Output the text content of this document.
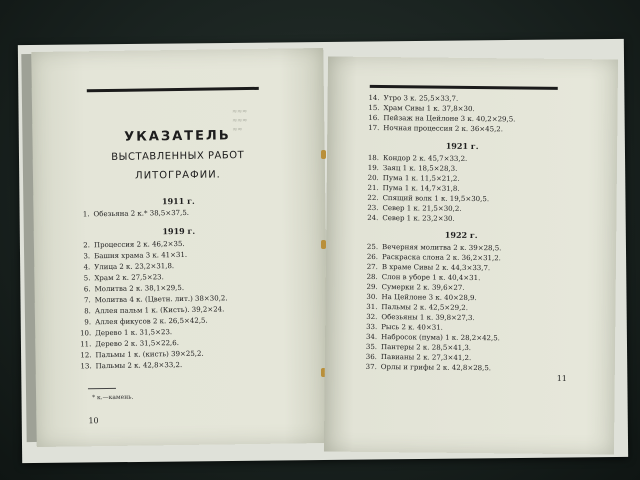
≈≈≈
≈≈≈
≈≈
УКАЗАТЕЛЬ
ВЫСТАВЛЕННЫХ РАБОТ
ЛИТОГРАФИИ.
1911 г.
1. Обезьяна 2 к.* 38,5×37,5.
1919 г.
2. Процессия 2 к. 46,2×35.
3. Башня храма 3 к. 41×31.
4. Улица 2 к. 23,2×31,8.
5. Храм 2 к. 27,5×23.
6. Молитва 2 к. 38,1×29,5.
7. Молитва 4 к. (Цветн. лит.) 38×30,2.
8. Аллея пальм 1 к. (Кисть). 39,2×24.
9. Аллея фикусов 2 к. 26,5×42,5.
10. Дерево 1 к. 31,5×23.
11. Дерево 2 к. 31,5×22,6.
12. Пальмы 1 к. (кисть) 39×25,2.
13. Пальмы 2 к. 42,8×33,2.
* к.—камень.
10
14. Утро 3 к. 25,5×33,7.
15. Храм Сивы 1 к. 37,8×30.
16. Пейзаж на Цейлоне 3 к. 40,2×29,5.
17. Ночная процессия 2 к. 36×45,2.
1921 г.
18. Кондор 2 к. 45,7×33,2.
19. Заяц 1 к. 18,5×28,3.
20. Пума 1 к. 11,5×21,2.
21. Пума 1 к. 14,7×31,8.
22. Спящий волк 1 к. 19,5×30,5.
23. Север 1 к. 21,5×30,2.
24. Север 1 к. 23,2×30.
1922 г.
25. Вечерняя молитва 2 к. 39×28,5.
26. Раскраска слона 2 к. 36,2×31,2.
27. В храме Сивы 2 к. 44,3×33,7.
28. Слон в уборе 1 к. 40,4×31.
29. Сумерки 2 к. 39,6×27.
30. На Цейлоне 3 к. 40×28,9.
31. Пальмы 2 к. 42,5×29,2.
32. Обезьяны 1 к. 39,8×27,3.
33. Рысь 2 к. 40×31.
34. Набросок (пума) 1 к. 28,2×42,5.
35. Пантеры 2 к. 28,5×41,3.
36. Павианы 2 к. 27,3×41,2.
37. Орлы и грифы 2 к. 42,8×28,5.
11
